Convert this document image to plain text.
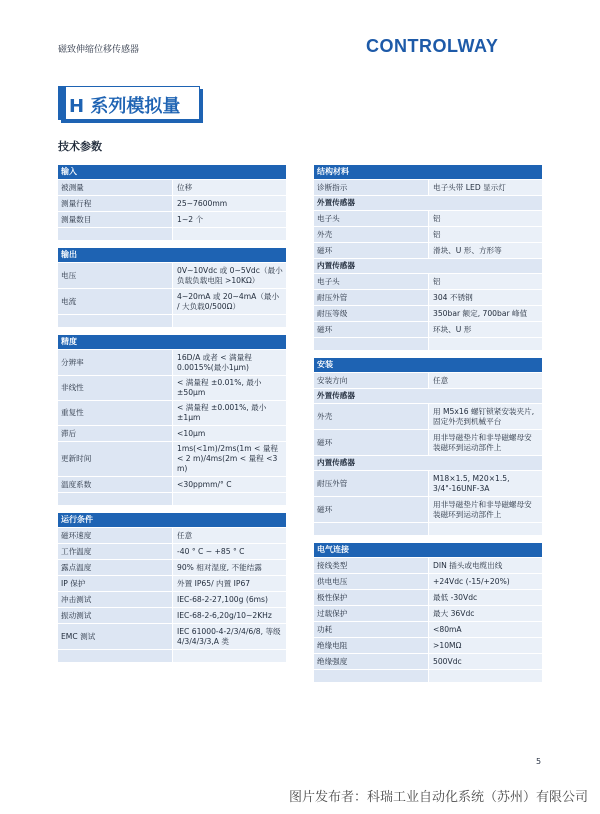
磁致伸缩位移传感器	CONTROLWAY
H 系列模拟量
技术参数
输入	
被测量	位移
测量行程	25~7600mm
测量数目	1~2 个

输出	
电压	0V~10Vdc 或 0~5Vdc（最小负载负载电阻 >10KΩ）
电流	4~20mA 或 20~4mA（最小 / 大负载0/500Ω）

精度	
分辨率	16D/A 或者 < 满量程 0.0015%(最小1μm)
非线性	< 满量程 ±0.01%, 最小 ±50μm
重复性	< 满量程 ±0.001%, 最小 ±1μm
滞后	<10μm
更新时间	1ms(<1m)/2ms(1m < 量程 < 2 m)/4ms(2m < 量程 <3 m)
温度系数	<30ppmm/° C

运行条件	
磁环速度	任意
工作温度	-40 ° C ~ +85 ° C
露点温度	90% 相对湿度, 不能结露
IP 保护	外置 IP65/ 内置 IP67
冲击测试	IEC-68-2-27,100g (6ms)
振动测试	IEC-68-2-6,20g/10~2KHz
EMC 测试	IEC 61000-4-2/3/4/6/8, 等级 4/3/4/3/3,A 类

结构材料	
诊断指示	电子头带 LED 显示灯
外置传感器	
电子头	铝
外壳	铝
磁环	滑块、U 形、方形等
内置传感器	
电子头	铝
耐压外管	304 不锈钢
耐压等级	350bar 额定, 700bar 峰值
磁环	环块、U 形

安装	
安装方向	任意
外置传感器	
外壳	用 M5x16 螺钉锁紧安装夹片, 固定外壳到机械平台
磁环	用非导磁垫片和非导磁螺母安装磁环到运动部件上
内置传感器	
耐压外管	M18×1.5, M20×1.5, 3/4"-16UNF-3A
磁环	用非导磁垫片和非导磁螺母安装磁环到运动部件上

电气连接	
接线类型	DIN 插头或电缆出线
供电电压	+24Vdc (-15/+20%)
极性保护	最低 -30Vdc
过载保护	最大 36Vdc
功耗	<80mA
绝缘电阻	>10MΩ
绝缘强度	500Vdc

5
图片发布者：科瑞工业自动化系统（苏州）有限公司
